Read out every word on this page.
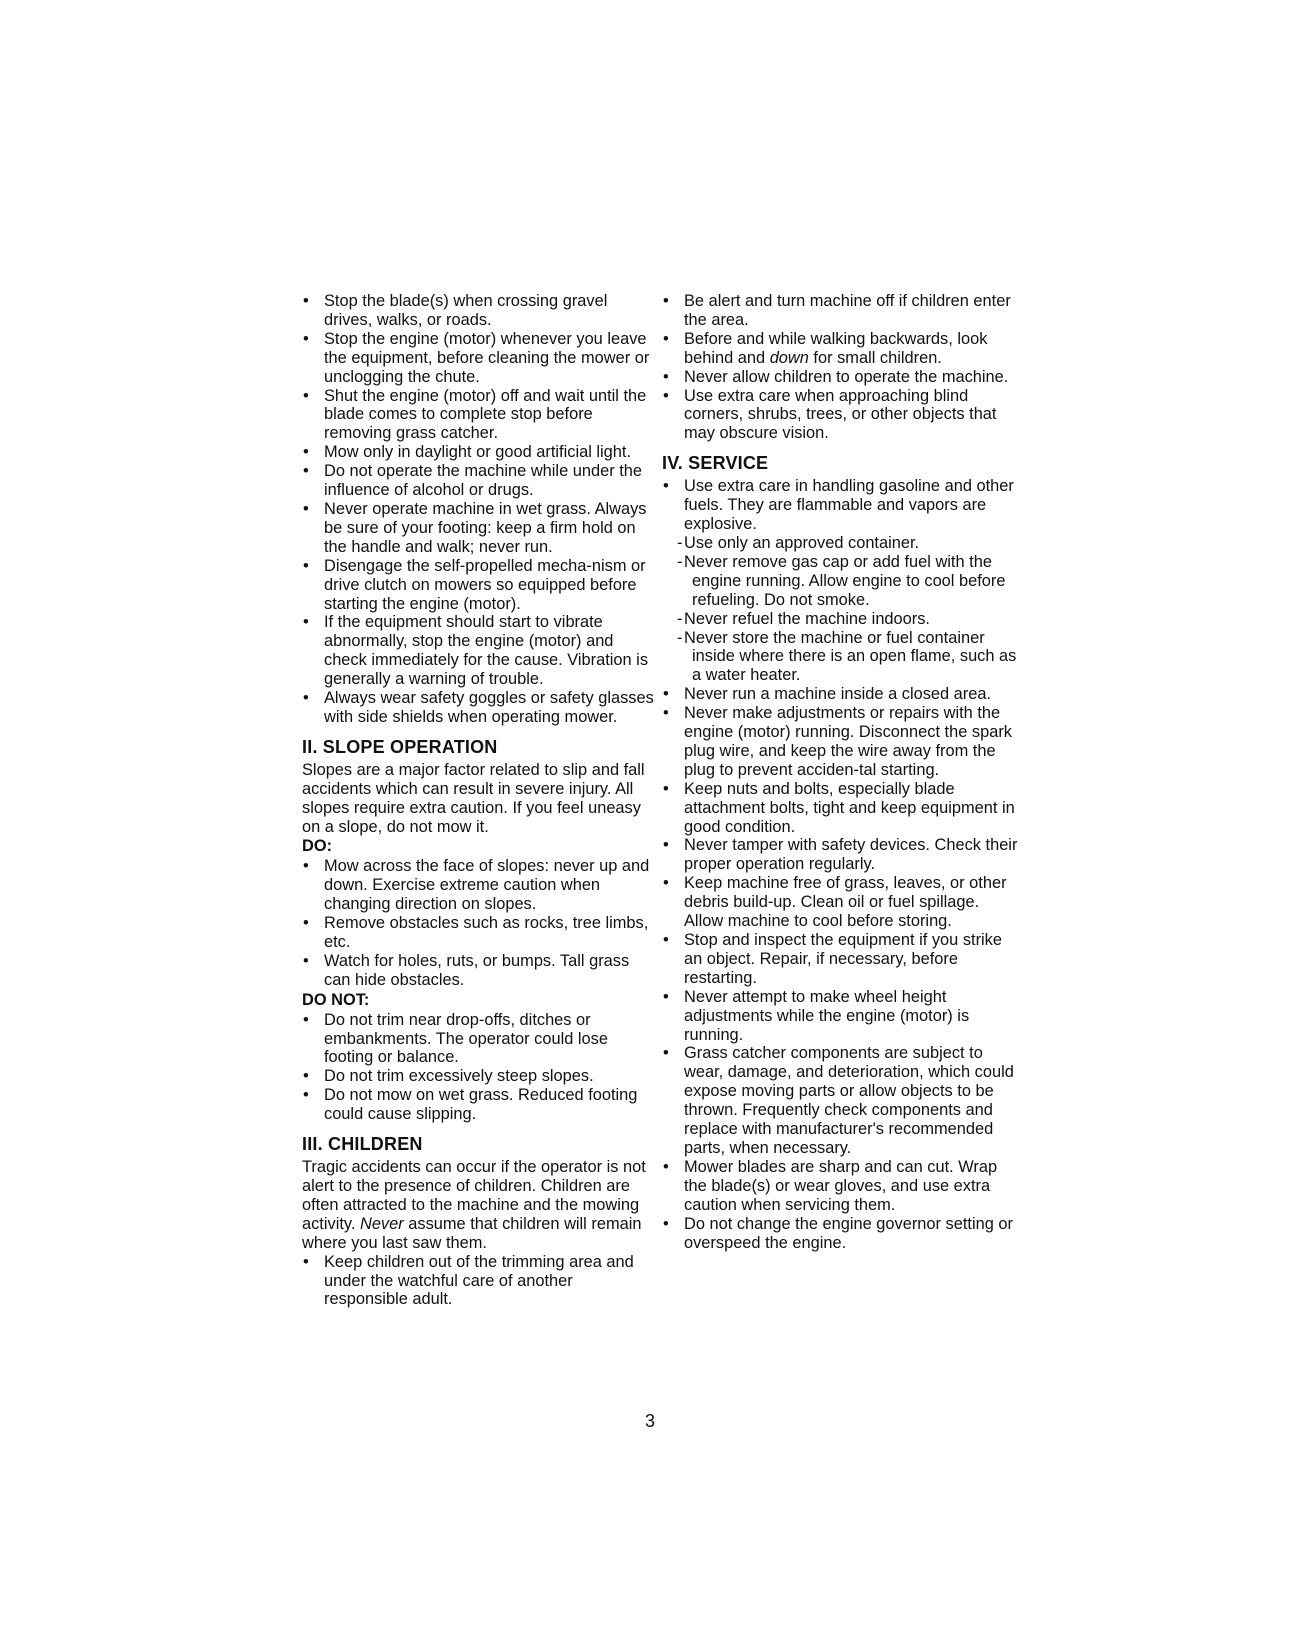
• Stop the blade(s) when crossing gravel drives, walks, or roads.
• Stop the engine (motor) whenever you leave the equipment, before cleaning the mower or unclogging the chute.
• Shut the engine (motor) off and wait until the blade comes to complete stop before removing grass catcher.
• Mow only in daylight or good artificial light.
• Do not operate the machine while under the influence of alcohol or drugs.
• Never operate machine in wet grass. Always be sure of your footing: keep a firm hold on the handle and walk; never run.
• Disengage the self-propelled mecha-nism or drive clutch on mowers so equipped before starting the engine (motor).
• If the equipment should start to vibrate abnormally, stop the engine (motor) and check immediately for the cause. Vibration is generally a warning of trouble.
• Always wear safety goggles or safety glasses with side shields when operating mower.
II. SLOPE OPERATION

Slopes are a major factor related to slip and fall accidents which can result in severe injury. All slopes require extra caution. If you feel uneasy on a slope, do not mow it.

DO:
• Mow across the face of slopes: never up and down. Exercise extreme caution when changing direction on slopes.
• Remove obstacles such as rocks, tree limbs, etc.
• Watch for holes, ruts, or bumps. Tall grass can hide obstacles.
DO NOT:
• Do not trim near drop-offs, ditches or embankments. The operator could lose footing or balance.
• Do not trim excessively steep slopes.
• Do not mow on wet grass. Reduced footing could cause slipping.
III. CHILDREN

Tragic accidents can occur if the operator is not alert to the presence of children. Children are often attracted to the machine and the mowing activity. Never assume that children will remain where you last saw them.

• Keep children out of the trimming area and under the watchful care of another responsible adult.
• Be alert and turn machine off if children enter the area.
• Before and while walking backwards, look behind and down for small children.
• Never allow children to operate the machine.
• Use extra care when approaching blind corners, shrubs, trees, or other objects that may obscure vision.
IV. SERVICE
• Use extra care in handling gasoline and other fuels. They are flammable and vapors are explosive.
- Use only an approved container.
- Never remove gas cap or add fuel with the engine running. Allow engine to cool before refueling. Do not smoke.
- Never refuel the machine indoors.
- Never store the machine or fuel container inside where there is an open flame, such as a water heater.
• Never run a machine inside a closed area.
• Never make adjustments or repairs with the engine (motor) running. Disconnect the spark plug wire, and keep the wire away from the plug to prevent acciden-tal starting.
• Keep nuts and bolts, especially blade attachment bolts, tight and keep equipment in good condition.
• Never tamper with safety devices. Check their proper operation regularly.
• Keep machine free of grass, leaves, or other debris build-up. Clean oil or fuel spillage. Allow machine to cool before storing.
• Stop and inspect the equipment if you strike an object. Repair, if necessary, before restarting.
• Never attempt to make wheel height adjustments while the engine (motor) is running.
• Grass catcher components are subject to wear, damage, and deterioration, which could expose moving parts or allow objects to be thrown. Frequently check components and replace with manufacturer's recommended parts, when necessary.
• Mower blades are sharp and can cut. Wrap the blade(s) or wear gloves, and use extra caution when servicing them.
• Do not change the engine governor setting or overspeed the engine.
3
